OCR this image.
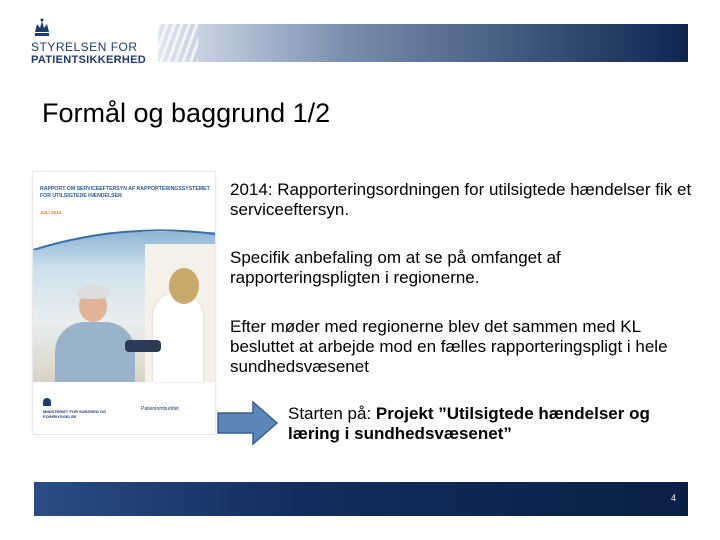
STYRELSEN FOR
PATIENTSIKKERHED
Formål og baggrund 1/2
RAPPORT OM SERVICEEFTERSYN AF RAPPORTERINGSSYSTEMET FOR UTILSIGTEDE HÆNDELSER
JULI 2014

MINISTERIET FOR SUNDHED OG FOREBYGGELSE
Patientombuddet
2014: Rapporteringsordningen for utilsigtede hændelser fik et serviceeftersyn.
Specifik anbefaling om at se på omfanget af rapporteringspligten i regionerne.
Efter møder med regionerne blev det sammen med KL besluttet at arbejde mod en fælles rapporteringspligt i hele sundhedsvæsenet
Starten på: Projekt ”Utilsigtede hændelser og læring i sundhedsvæsenet”
4
